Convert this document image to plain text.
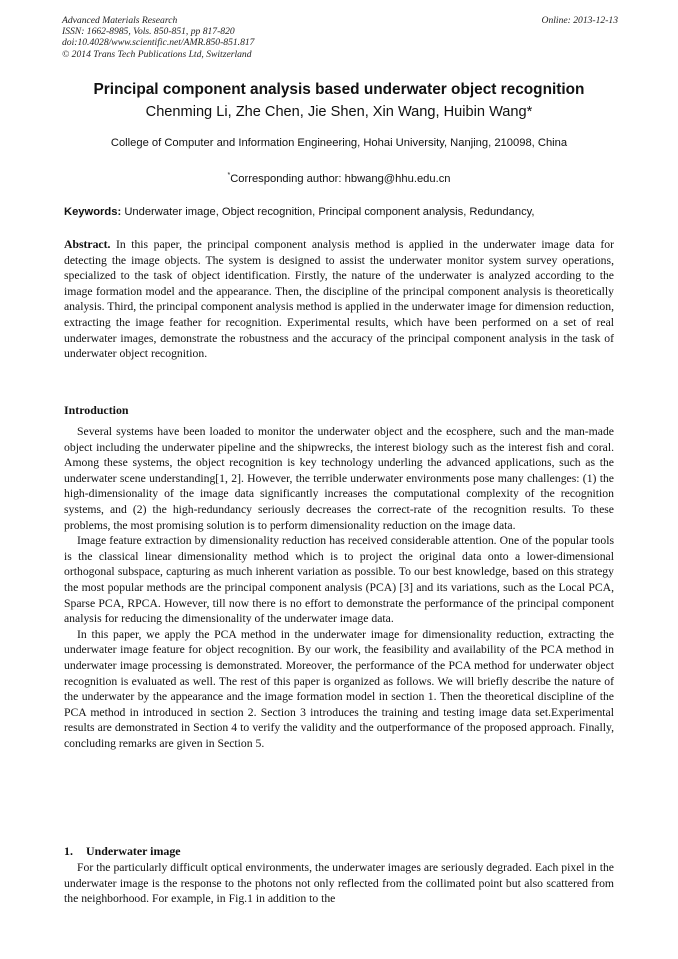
Advanced Materials Research
ISSN: 1662-8985, Vols. 850-851, pp 817-820
doi:10.4028/www.scientific.net/AMR.850-851.817
© 2014 Trans Tech Publications Ltd, Switzerland
Online: 2013-12-13
Principal component analysis based underwater object recognition
Chenming Li, Zhe Chen, Jie Shen, Xin Wang, Huibin Wang*
College of Computer and Information Engineering, Hohai University, Nanjing, 210098, China
*Corresponding author: hbwang@hhu.edu.cn
Keywords: Underwater image, Object recognition, Principal component analysis, Redundancy,

Abstract. In this paper, the principal component analysis method is applied in the underwater image data for detecting the image objects. The system is designed to assist the underwater monitor system survey operations, specialized to the task of object identification. Firstly, the nature of the underwater is analyzed according to the image formation model and the appearance. Then, the discipline of the principal component analysis is theoretically analysis. Third, the principal component analysis method is applied in the underwater image for dimension reduction, extracting the image feather for recognition. Experimental results, which have been performed on a set of real underwater images, demonstrate the robustness and the accuracy of the principal component analysis in the task of underwater object recognition.

Introduction

Several systems have been loaded to monitor the underwater object and the ecosphere, such and the man-made object including the underwater pipeline and the shipwrecks, the interest biology such as the interest fish and coral. Among these systems, the object recognition is key technology underling the advanced applications, such as the underwater scene understanding[1, 2]. However, the terrible underwater environments pose many challenges: (1) the high-dimensionality of the image data significantly increases the computational complexity of the recognition systems, and (2) the high-redundancy seriously decreases the correct-rate of the recognition results. To these problems, the most promising solution is to perform dimensionality reduction on the image data.

Image feature extraction by dimensionality reduction has received considerable attention. One of the popular tools is the classical linear dimensionality method which is to project the original data onto a lower-dimensional orthogonal subspace, capturing as much inherent variation as possible. To our best knowledge, based on this strategy the most popular methods are the principal component analysis (PCA) [3] and its variations, such as the Local PCA, Sparse PCA, RPCA. However, till now there is no effort to demonstrate the performance of the principal component analysis for reducing the dimensionality of the underwater image data.

In this paper, we apply the PCA method in the underwater image for dimensionality reduction, extracting the underwater image feature for object recognition. By our work, the feasibility and availability of the PCA method in underwater image processing is demonstrated. Moreover, the performance of the PCA method for underwater object recognition is evaluated as well. The rest of this paper is organized as follows. We will briefly describe the nature of the underwater by the appearance and the image formation model in section 1. Then the theoretical discipline of the PCA method in introduced in section 2. Section 3 introduces the training and testing image data set.Experimental results are demonstrated in Section 4 to verify the validity and the outperformance of the proposed approach. Finally, concluding remarks are given in Section 5.

1. Underwater image

For the particularly difficult optical environments, the underwater images are seriously degraded. Each pixel in the underwater image is the response to the photons not only reflected from the collimated point but also scattered from the neighborhood. For example, in Fig.1 in addition to the
